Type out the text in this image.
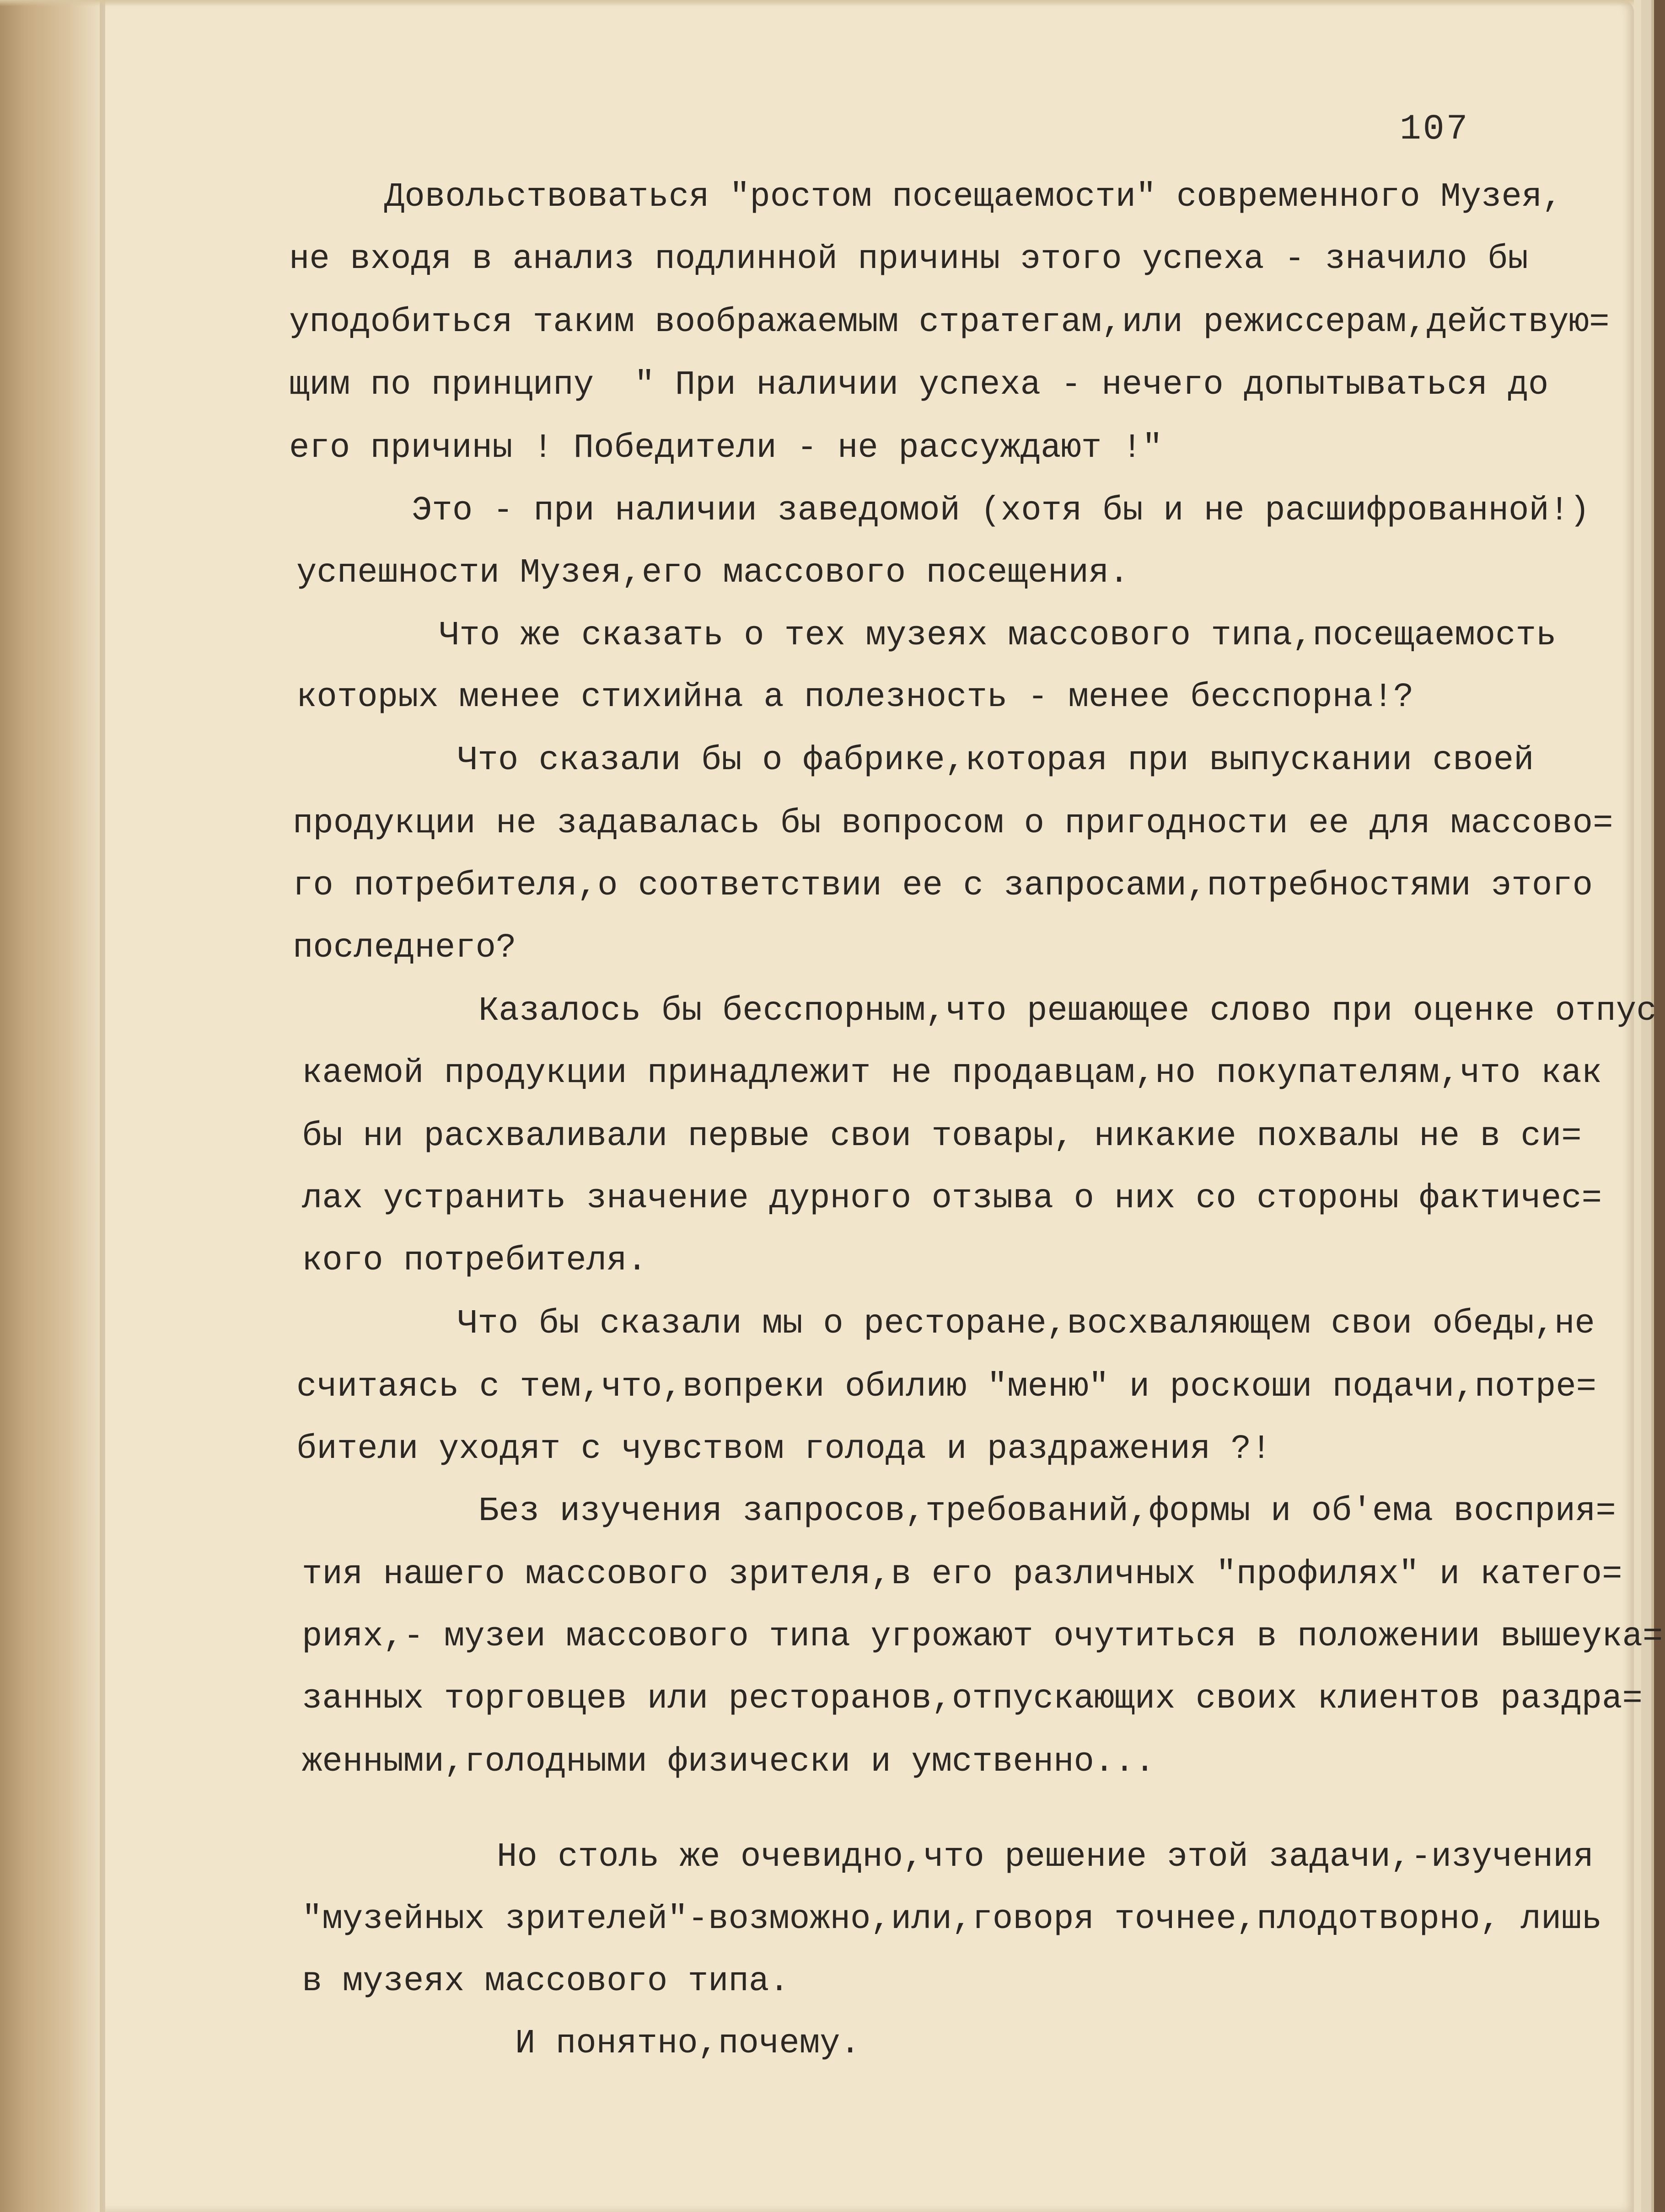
107
Довольствоваться "ростом посещаемости" современного Музея,
не входя в анализ подлинной причины этого успеха - значило бы
уподобиться таким воображаемым стратегам,или режиссерам,действую=
щим по принципу  " При наличии успеха - нечего допытываться до
его причины ! Победители - не рассуждают !"
Это - при наличии заведомой (хотя бы и не расшифрованной!)
успешности Музея,его массового посещения.
Что же сказать о тех музеях массового типа,посещаемость
которых менее стихийна а полезность - менее бесспорна!?
Что сказали бы о фабрике,которая при выпускании своей
продукции не задавалась бы вопросом о пригодности ее для массово=
го потребителя,о соответствии ее с запросами,потребностями этого
последнего?
Казалось бы бесспорным,что решающее слово при оценке отпус
каемой продукции принадлежит не продавцам,но покупателям,что как
бы ни расхваливали первые свои товары, никакие похвалы не в си=
лах устранить значение дурного отзыва о них со стороны фактичес=
кого потребителя.
Что бы сказали мы о ресторане,восхваляющем свои обеды,не
считаясь с тем,что,вопреки обилию "меню" и роскоши подачи,потре=
бители уходят с чувством голода и раздражения ?!
Без изучения запросов,требований,формы и об'ема восприя=
тия нашего массового зрителя,в его различных "профилях" и катего=
риях,- музеи массового типа угрожают очутиться в положении вышеука=
занных торговцев или ресторанов,отпускающих своих клиентов раздра=
женными,голодными физически и умственно...
Но столь же очевидно,что решение этой задачи,-изучения
"музейных зрителей"-возможно,или,говоря точнее,плодотворно, лишь
в музеях массового типа.
И понятно,почему.
